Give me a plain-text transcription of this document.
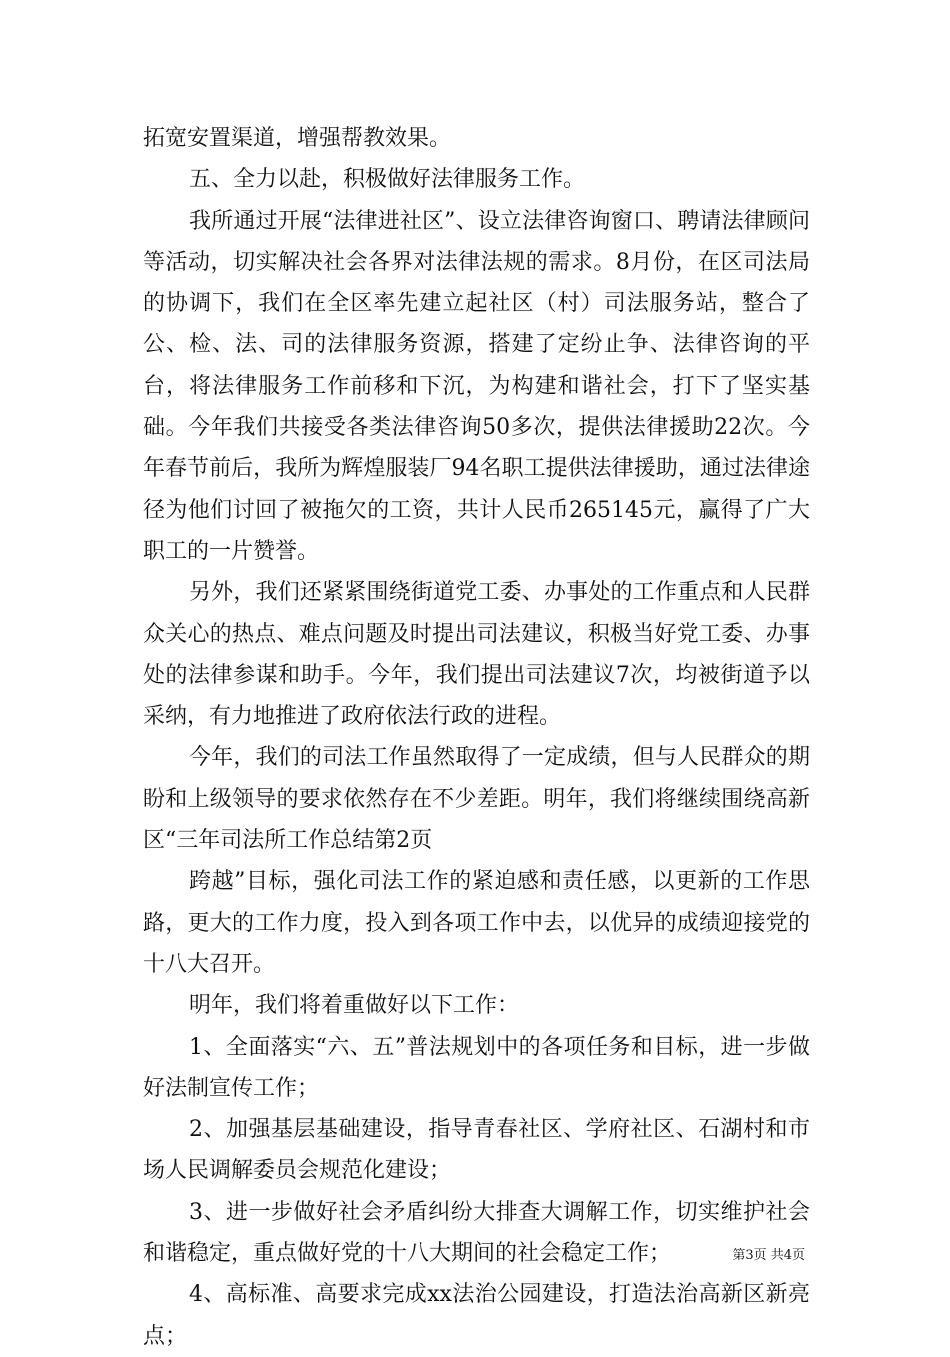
拓宽安置渠道，增强帮教效果。

五、全力以赴，积极做好法律服务工作。

我所通过开展“法律进社区”、设立法律咨询窗口、聘请法律顾问等活动，切实解决社会各界对法律法规的需求。8月份，在区司法局的协调下，我们在全区率先建立起社区（村）司法服务站，整合了公、检、法、司的法律服务资源，搭建了定纷止争、法律咨询的平台，将法律服务工作前移和下沉，为构建和谐社会，打下了坚实基础。今年我们共接受各类法律咨询50多次，提供法律援助22次。今年春节前后，我所为辉煌服装厂94名职工提供法律援助，通过法律途径为他们讨回了被拖欠的工资，共计人民币265145元，赢得了广大职工的一片赞誉。

另外，我们还紧紧围绕街道党工委、办事处的工作重点和人民群众关心的热点、难点问题及时提出司法建议，积极当好党工委、办事处的法律参谋和助手。今年，我们提出司法建议7次，均被街道予以采纳，有力地推进了政府依法行政的进程。

今年，我们的司法工作虽然取得了一定成绩，但与人民群众的期盼和上级领导的要求依然存在不少差距。明年，我们将继续围绕高新区“三年司法所工作总结第2页

跨越”目标，强化司法工作的紧迫感和责任感，以更新的工作思路，更大的工作力度，投入到各项工作中去，以优异的成绩迎接党的十八大召开。

明年，我们将着重做好以下工作：

1、全面落实“六、五”普法规划中的各项任务和目标，进一步做好法制宣传工作；

2、加强基层基础建设，指导青春社区、学府社区、石湖村和市场人民调解委员会规范化建设；

3、进一步做好社会矛盾纠纷大排查大调解工作，切实维护社会和谐稳定，重点做好党的十八大期间的社会稳定工作；

4、高标准、高要求完成xx法治公园建设，打造法治高新区新亮点；

第3页 共4页
